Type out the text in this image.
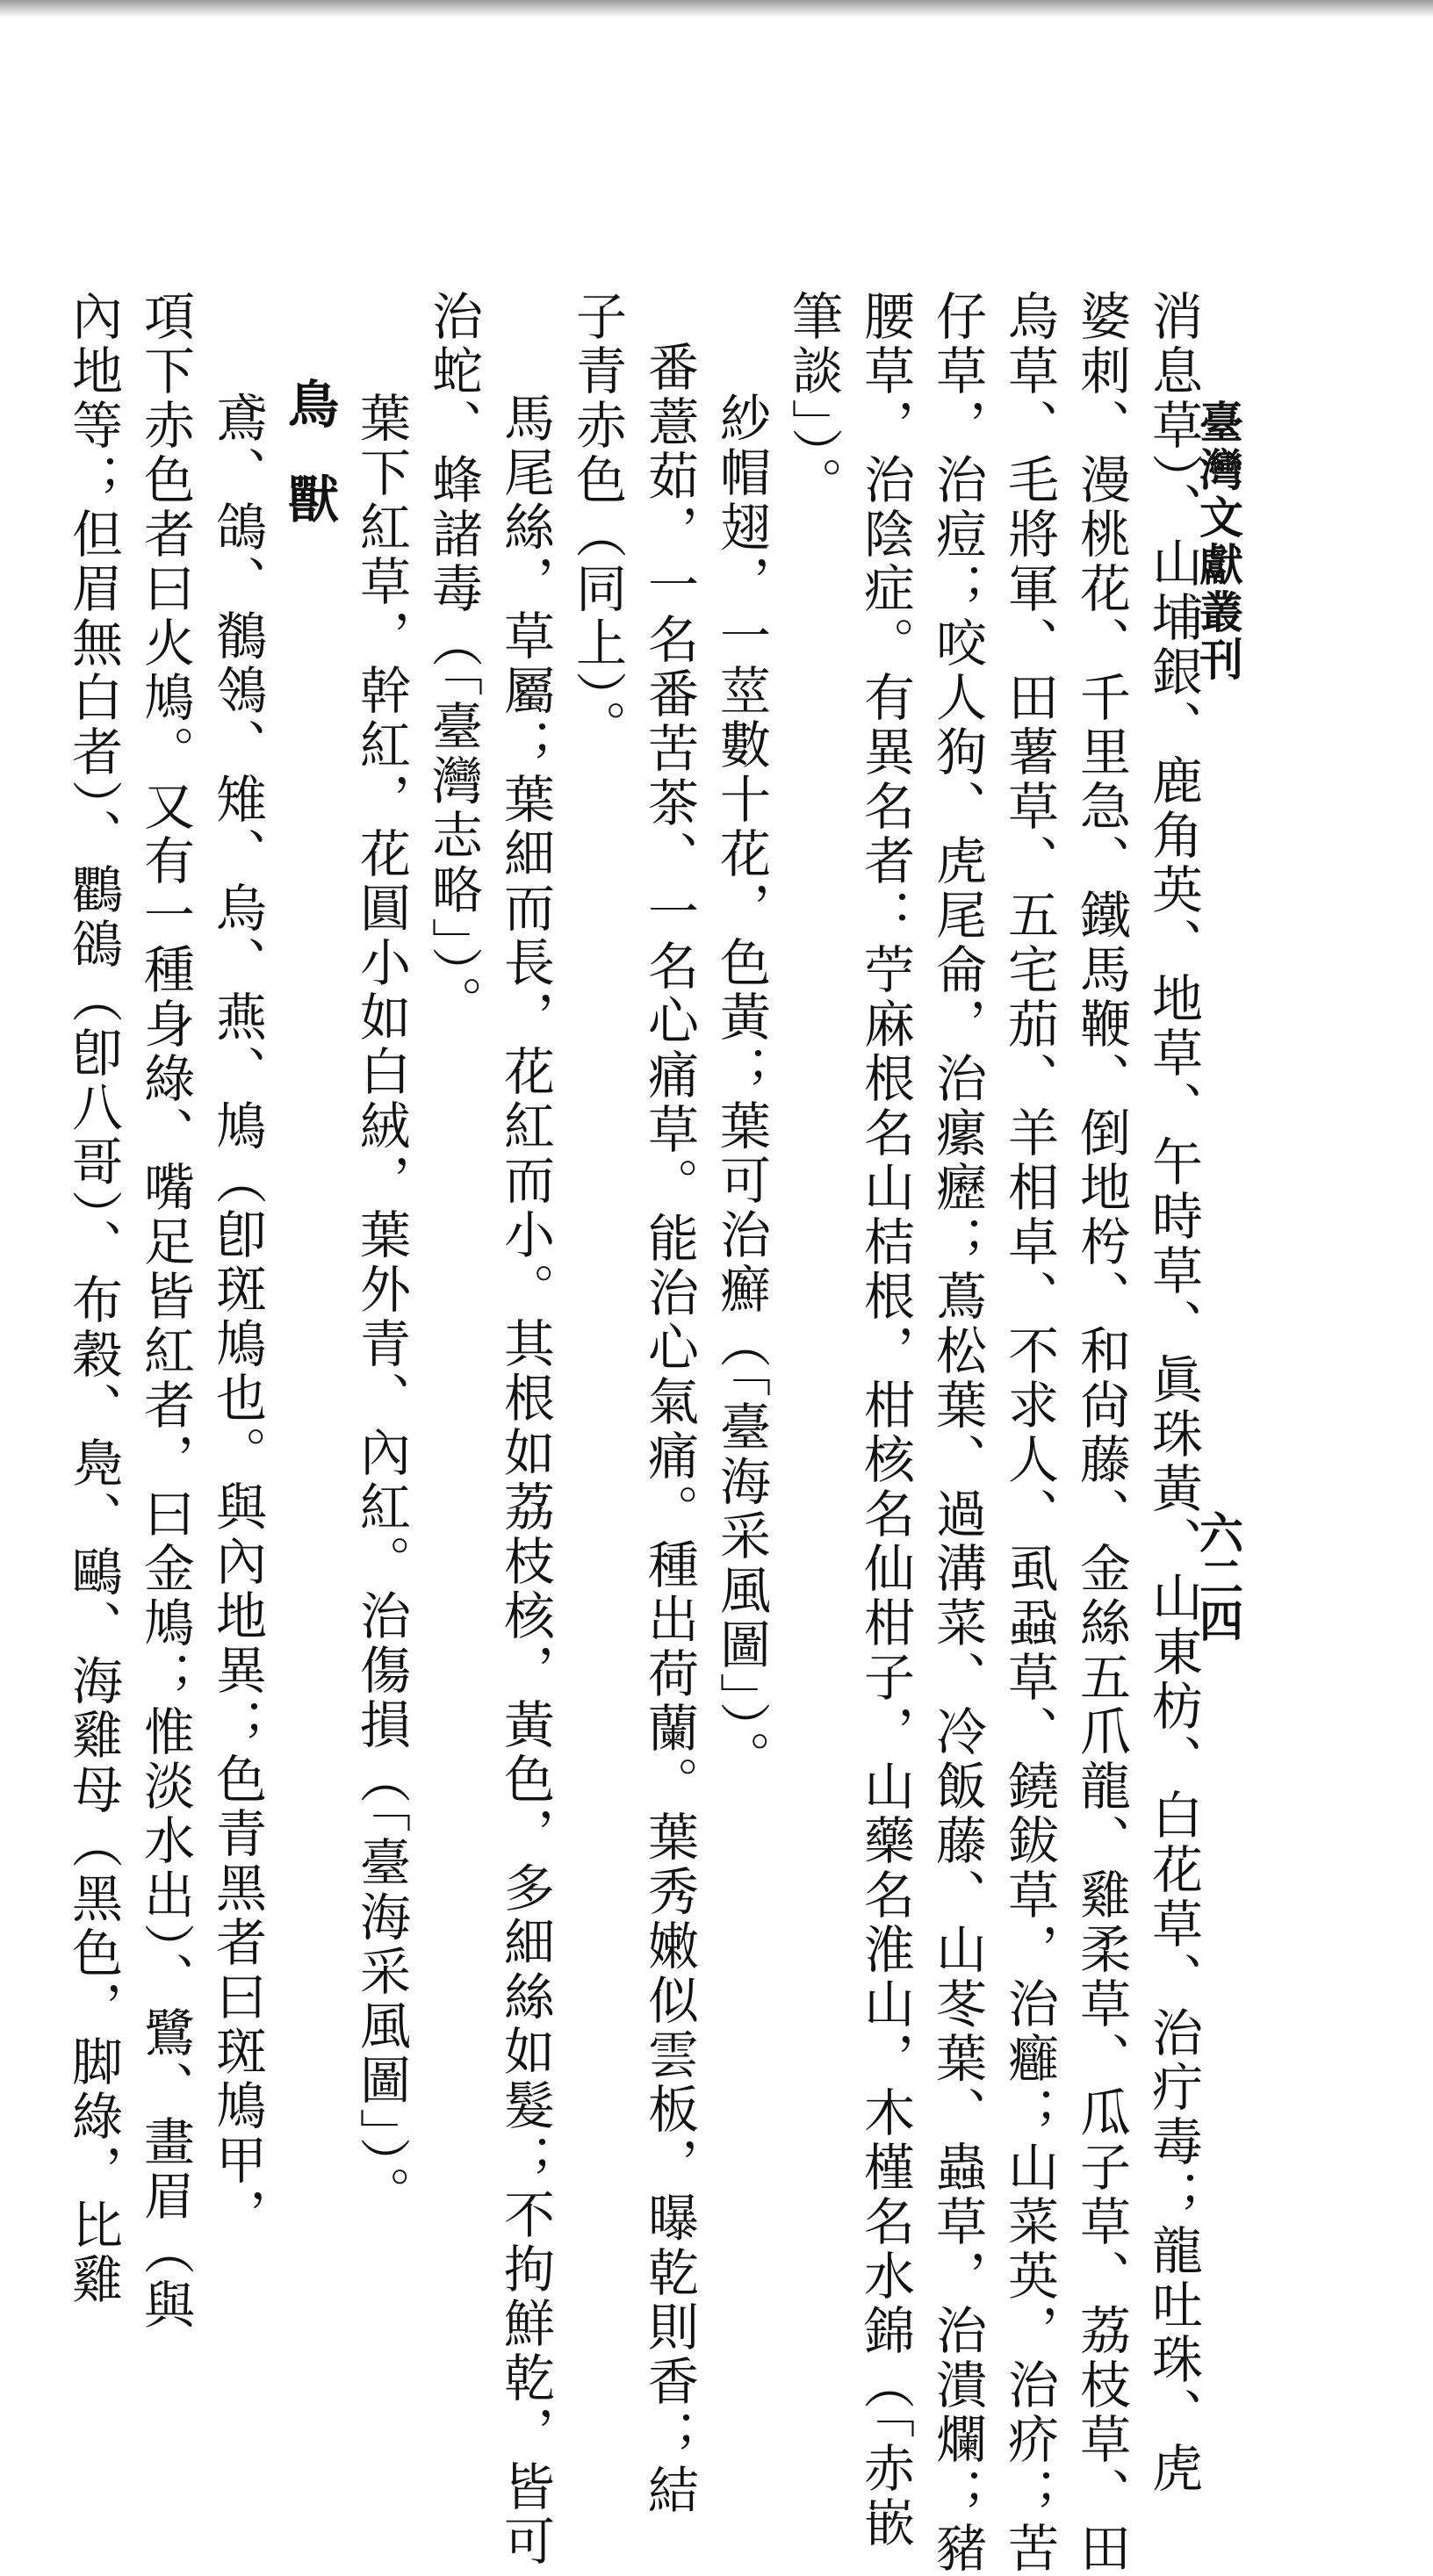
臺灣文獻叢刊
六二四
消息草）、山埔銀、鹿角英、地草、午時草、眞珠黃、山東枋、白花草、治疔毒；龍吐珠、虎
婆刺、漫桃花、千里急、鐵馬鞭、倒地枍、和尙藤、金絲五爪龍、雞柔草、瓜子草、荔枝草、田
烏草、毛將軍、田薯草、五宅茄、羊相卓、不求人、虱蝨草、鐃鈸草，治癰；山菜英，治疥；苦
仔草，治痘；咬人狗、虎尾侖，治瘰癧；蔦松葉、過溝菜、冷飯藤、山苳葉、蟲草，治潰爛；豬
腰草，治陰症。有異名者：苧麻根名山桔根，柑核名仙柑子，山藥名淮山，木槿名水錦（「赤嵌
筆談」）。
紗帽翅，一莖數十花，色黃；葉可治癬（「臺海采風圖」）。
番薏茹，一名番苦茶、一名心痛草。能治心氣痛。種出荷蘭。葉秀嫩似雲板，曝乾則香；結
子青赤色（同上）。
馬尾絲，草屬；葉細而長，花紅而小。其根如荔枝核，黃色，多細絲如髮；不拘鮮乾，皆可
治蛇、蜂諸毒（「臺灣志略」）。
葉下紅草，幹紅，花圓小如白絨，葉外青、內紅。治傷損（「臺海采風圖」）。
鳥獸
鳶、鴿、鶺鴒、雉、烏、燕、鳩（卽斑鳩也。與內地異；色青黑者曰斑鳩甲，
項下赤色者曰火鳩。又有一種身綠、嘴足皆紅者，曰金鳩；惟淡水出）、鷺、畫眉（與
內地等；但眉無白者）、鸜鵒（卽八哥）、布穀、鳧、鷗、海雞母（黑色，脚綠，比雞
